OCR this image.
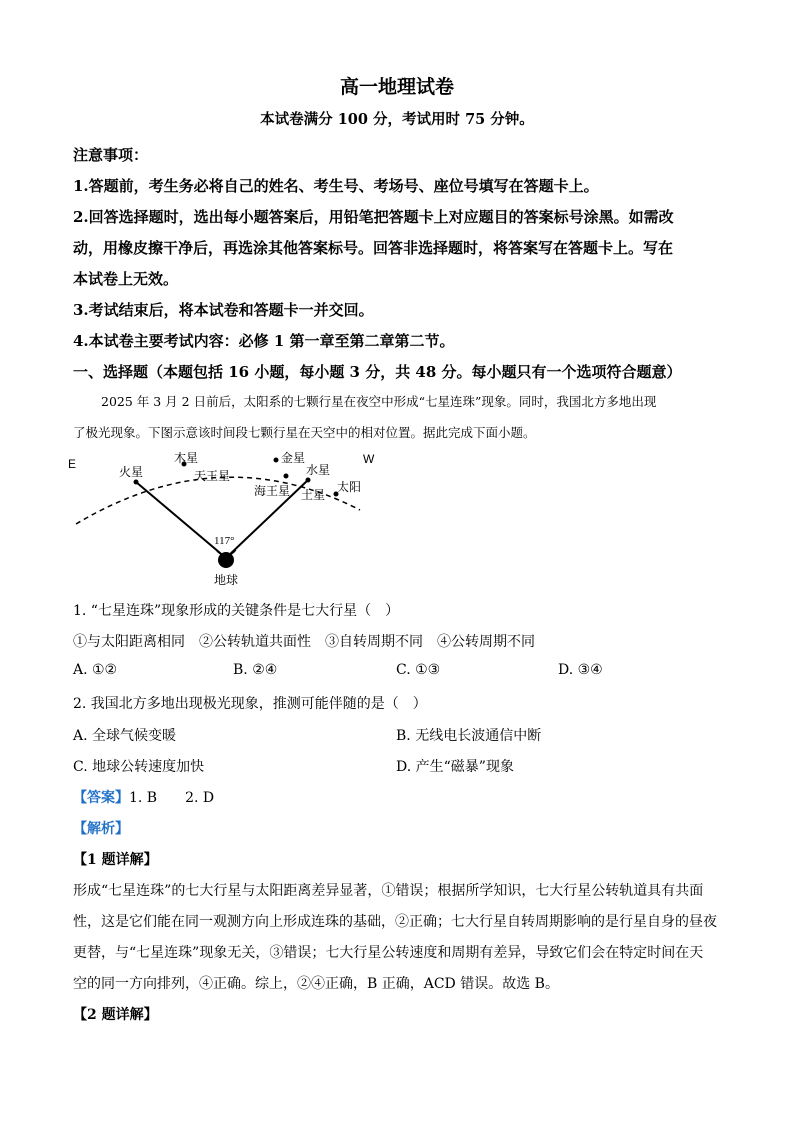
高一地理试卷
本试卷满分 100 分，考试用时 75 分钟。
注意事项：
1.答题前，考生务必将自己的姓名、考生号、考场号、座位号填写在答题卡上。
2.回答选择题时，选出每小题答案后，用铅笔把答题卡上对应题目的答案标号涂黑。如需改
动，用橡皮擦干净后，再选涂其他答案标号。回答非选择题时，将答案写在答题卡上。写在
本试卷上无效。
3.考试结束后，将本试卷和答题卡一并交回。
4.本试卷主要考试内容：必修 1 第一章至第二章第二节。
一、选择题（本题包括 16 小题，每小题 3 分，共 48 分。每小题只有一个选项符合题意）
2025 年 3 月 2 日前后，太阳系的七颗行星在夜空中形成“七星连珠”现象。同时，我国北方多地出现
了极光现象。下图示意该时间段七颗行星在天空中的相对位置。据此完成下面小题。
E	W
火星
木星
天王星
金星
水星
海王星 土星
太阳
117°
地球
1. “七星连珠”现象形成的关键条件是七大行星（　）
①与太阳距离相同　②公转轨道共面性　③自转周期不同　④公转周期不同
A. ①②	B. ②④	C. ①③	D. ③④
2. 我国北方多地出现极光现象，推测可能伴随的是（　）
A. 全球气候变暖	B. 无线电长波通信中断
C. 地球公转速度加快	D. 产生“磁暴”现象
【答案】1. B　　2. D
【解析】
【1 题详解】
形成“七星连珠”的七大行星与太阳距离差异显著，①错误；根据所学知识，七大行星公转轨道具有共面
性，这是它们能在同一观测方向上形成连珠的基础，②正确；七大行星自转周期影响的是行星自身的昼夜
更替，与“七星连珠”现象无关，③错误；七大行星公转速度和周期有差异，导致它们会在特定时间在天
空的同一方向排列，④正确。综上，②④正确，B 正确，ACD 错误。故选 B。
【2 题详解】
